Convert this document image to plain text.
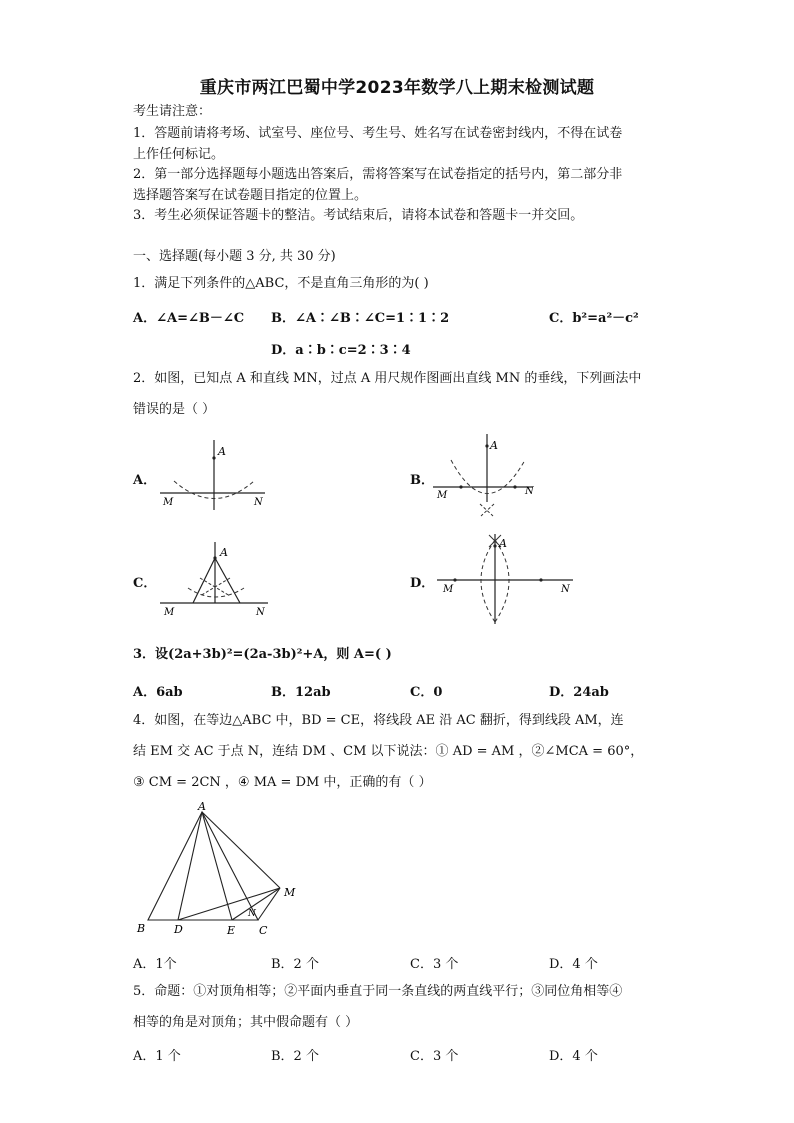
重庆市两江巴蜀中学2023年数学八上期末检测试题
考生请注意：
1．答题前请将考场、试室号、座位号、考生号、姓名写在试卷密封线内，不得在试卷
上作任何标记。
2．第一部分选择题每小题选出答案后，需将答案写在试卷指定的括号内，第二部分非
选择题答案写在试卷题目指定的位置上。
3．考生必须保证答题卡的整洁。考试结束后，请将本试卷和答题卡一并交回。
一、选择题(每小题 3 分, 共 30 分)
1．满足下列条件的△ABC，不是直角三角形的为( )
A．∠A=∠B－∠C B．∠A∶∠B∶∠C=1∶1∶2	C．b²=a²－c²
D．a∶b∶c=2∶3∶4
2．如图，已知点 A 和直线 MN，过点 A 用尺规作图画出直线 MN 的垂线，下列画法中
错误的是（ ）
A．	B．
C．	D．
A
M	N
A
M	N
A
M	N
A
M	N
3．设(2a+3b)²=(2a-3b)²+A，则 A=( )
A．6ab	B．12ab	C．0	D．24ab
4．如图，在等边△ABC 中，BD = CE，将线段 AE 沿 AC 翻折，得到线段 AM，连
结 EM 交 AC 于点 N，连结 DM 、CM 以下说法：① AD = AM ，②∠MCA = 60°，
③ CM = 2CN ，④ MA = DM 中，正确的有（ ）
A
B	D	E C
N
M
A．1个	B．2 个	C．3 个	D．4 个
5．命题：①对顶角相等；②平面内垂直于同一条直线的两直线平行；③同位角相等④
相等的角是对顶角；其中假命题有（ ）
A．1 个	B．2 个	C．3 个	D．4 个
